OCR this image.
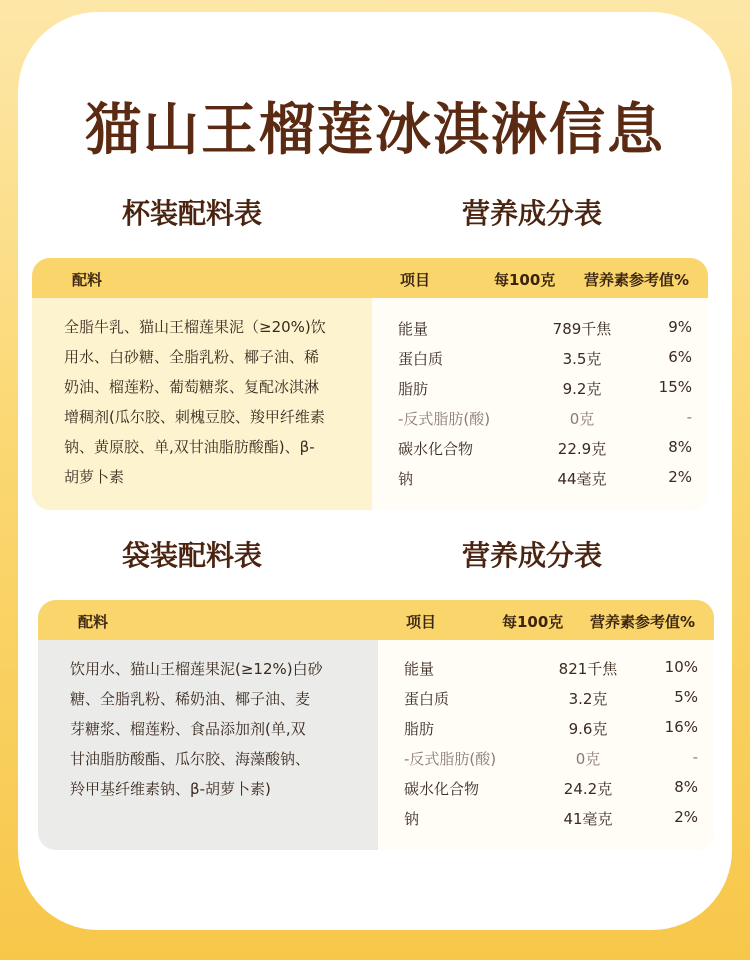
猫山王榴莲冰淇淋信息
杯装配料表	营养成分表
配料	项目	每100克 营养素参考值%
全脂牛乳、猫山王榴莲果泥（≥20%)饮
用水、白砂糖、全脂乳粉、椰子油、稀
奶油、榴莲粉、葡萄糖浆、复配冰淇淋
增稠剂(瓜尔胶、刺槐豆胶、羧甲纤维素
钠、黄原胶、单,双甘油脂肪酸酯)、β-
胡萝卜素
能量	789千焦	9%
蛋白质	3.5克	6%
脂肪	9.2克	15%
-反式脂肪(酸)	0克	-
碳水化合物	22.9克	8%
钠	44毫克	2%
袋装配料表	营养成分表
配料	项目	每100克 营养素参考值%
饮用水、猫山王榴莲果泥(≥12%)白砂
糖、全脂乳粉、稀奶油、椰子油、麦
芽糖浆、榴莲粉、食品添加剂(单,双
甘油脂肪酸酯、瓜尔胶、海藻酸钠、
羚甲基纤维素钠、β-胡萝卜素)
能量	821千焦	10%
蛋白质	3.2克	5%
脂肪	9.6克	16%
-反式脂肪(酸)	0克	-
碳水化合物	24.2克	8%
钠	41毫克	2%
